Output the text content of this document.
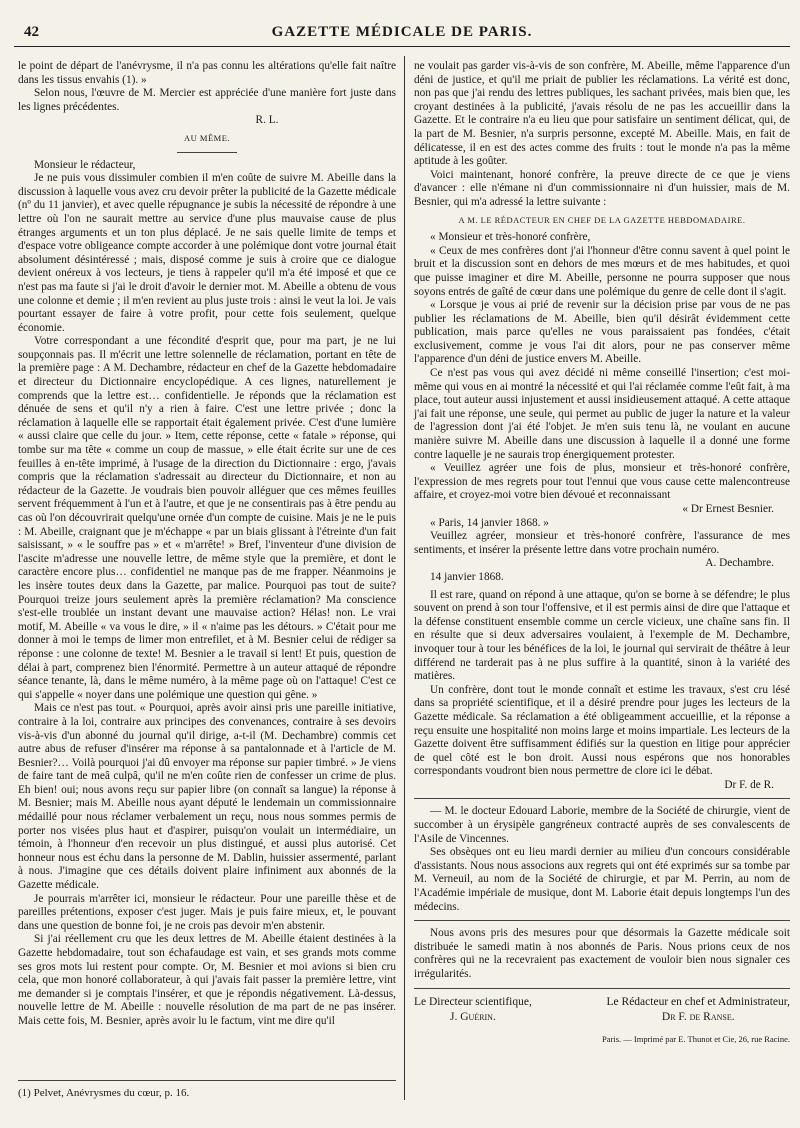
42	GAZETTE MÉDICALE DE PARIS.

le point de départ de l'anévrysme, il n'a pas connu les altérations qu'elle fait naître dans les tissus envahis (1). »

Selon nous, l'œuvre de M. Mercier est appréciée d'une manière fort juste dans les lignes précédentes.

R. L.

AU MÊME.

Monsieur le rédacteur,

Je ne puis vous dissimuler combien il m'en coûte de suivre M. Abeille dans la discussion à laquelle vous avez cru devoir prêter la publicité de la Gazette médicale (nº du 11 janvier), et avec quelle répugnance je subis la nécessité de répondre à une lettre où l'on ne saurait mettre au service d'une plus mauvaise cause de plus étranges arguments et un ton plus déplacé. Je ne sais quelle limite de temps et d'espace votre obligeance compte accorder à une polémique dont votre journal était absolument désintéressé ; mais, disposé comme je suis à croire que ce dialogue devient onéreux à vos lecteurs, je tiens à rappeler qu'il m'a été imposé et que ce n'est pas ma faute si j'ai le droit d'avoir le dernier mot. M. Abeille a obtenu de vous une colonne et demie ; il m'en revient au plus juste trois : ainsi le veut la loi. Je vais pourtant essayer de faire à votre profit, pour cette fois seulement, quelque économie.

Votre correspondant a une fécondité d'esprit que, pour ma part, je ne lui soupçonnais pas. Il m'écrit une lettre solennelle de réclamation, portant en tête de la première page : A M. Dechambre, rédacteur en chef de la Gazette hebdomadaire et directeur du Dictionnaire encyclopédique. A ces lignes, naturellement je comprends que la lettre est… confidentielle. Je réponds que la réclamation est dénuée de sens et qu'il n'y a rien à faire. C'est une lettre privée ; donc la réclamation à laquelle elle se rapportait était également privée. C'est d'une lumière « aussi claire que celle du jour. » Item, cette réponse, cette « fatale » réponse, qui tombe sur ma tête « comme un coup de massue, » elle était écrite sur une de ces feuilles à en-tête imprimé, à l'usage de la direction du Dictionnaire : ergo, j'avais compris que la réclamation s'adressait au directeur du Dictionnaire, et non au rédacteur de la Gazette. Je voudrais bien pouvoir alléguer que ces mêmes feuilles servent fréquemment à l'un et à l'autre, et que je ne consentirais pas à être pendu au cas où l'on découvrirait quelqu'une ornée d'un compte de cuisine. Mais je ne le puis : M. Abeille, craignant que je m'échappe « par un biais glissant à l'étreinte d'un fait saisissant, » « le souffre pas » et « m'arrête! » Bref, l'inventeur d'une division de l'ascite m'adresse une nouvelle lettre, de même style que la première, et dont le caractère encore plus… confidentiel ne manque pas de me frapper. Néanmoins je les insère toutes deux dans la Gazette, par malice. Pourquoi pas tout de suite? Pourquoi treize jours seulement après la première réclamation? Ma conscience s'est-elle troublée un instant devant une mauvaise action? Hélas! non. Le vrai motif, M. Abeille « va vous le dire, » il « n'aime pas les détours. » C'était pour me donner à moi le temps de limer mon entrefilet, et à M. Besnier celui de rédiger sa réponse : une colonne de texte! M. Besnier a le travail si lent! Et puis, question de délai à part, comprenez bien l'énormité. Permettre à un auteur attaqué de répondre séance tenante, là, dans le même numéro, à la même page où on l'attaque! C'est ce qui s'appelle « noyer dans une polémique une question qui gêne. »

Mais ce n'est pas tout. « Pourquoi, après avoir ainsi pris une pareille initiative, contraire à la loi, contraire aux principes des convenances, contraire à ses devoirs vis-à-vis d'un abonné du journal qu'il dirige, a-t-il (M. Dechambre) commis cet autre abus de refuser d'insérer ma réponse à sa pantalonnade et à l'article de M. Besnier?… Voilà pourquoi j'ai dû envoyer ma réponse sur papier timbré. » Je viens de faire tant de meâ culpâ, qu'il ne m'en coûte rien de confesser un crime de plus. Eh bien! oui; nous avons reçu sur papier libre (on connaît sa langue) la réponse à M. Besnier; mais M. Abeille nous ayant député le lendemain un commissionnaire médaillé pour nous réclamer verbalement un reçu, nous nous sommes permis de porter nos visées plus haut et d'aspirer, puisqu'on voulait un intermédiaire, un témoin, à l'honneur d'en recevoir un plus distingué, et aussi plus autorisé. Cet honneur nous est échu dans la personne de M. Dablin, huissier assermenté, parlant à nous. J'imagine que ces détails doivent plaire infiniment aux abonnés de la Gazette médicale.

Je pourrais m'arrêter ici, monsieur le rédacteur. Pour une pareille thèse et de pareilles prétentions, exposer c'est juger. Mais je puis faire mieux, et, le pouvant dans une question de bonne foi, je ne crois pas devoir m'en abstenir.

Si j'ai réellement cru que les deux lettres de M. Abeille étaient destinées à la Gazette hebdomadaire, tout son échafaudage est vain, et ses grands mots comme ses gros mots lui restent pour compte. Or, M. Besnier et moi avions si bien cru cela, que mon honoré collaborateur, à qui j'avais fait passer la première lettre, vint me demander si je comptais l'insérer, et que je répondis négativement. Là-dessus, nouvelle lettre de M. Abeille : nouvelle résolution de ma part de ne pas insérer. Mais cette fois, M. Besnier, après avoir lu le factum, vint me dire qu'il

(1) Pelvet, Anévrysmes du cœur, p. 16.

ne voulait pas garder vis-à-vis de son confrère, M. Abeille, même l'apparence d'un déni de justice, et qu'il me priait de publier les réclamations. La vérité est donc, non pas que j'ai rendu des lettres publiques, les sachant privées, mais bien que, les croyant destinées à la publicité, j'avais résolu de ne pas les accueillir dans la Gazette. Et le contraire n'a eu lieu que pour satisfaire un sentiment délicat, qui, de la part de M. Besnier, n'a surpris personne, excepté M. Abeille. Mais, en fait de délicatesse, il en est des actes comme des fruits : tout le monde n'a pas la même aptitude à les goûter.

Voici maintenant, honoré confrère, la preuve directe de ce que je viens d'avancer : elle n'émane ni d'un commissionnaire ni d'un huissier, mais de M. Besnier, qui m'a adressé la lettre suivante :

A M. LE RÉDACTEUR EN CHEF DE LA GAZETTE HEBDOMADAIRE.

« Monsieur et très-honoré confrère,

« Ceux de mes confrères dont j'ai l'honneur d'être connu savent à quel point le bruit et la discussion sont en dehors de mes mœurs et de mes habitudes, et quoi que puisse imaginer et dire M. Abeille, personne ne pourra supposer que nous soyons entrés de gaîté de cœur dans une polémique du genre de celle dont il s'agit.

« Lorsque je vous ai prié de revenir sur la décision prise par vous de ne pas publier les réclamations de M. Abeille, bien qu'il désirât évidemment cette publication, mais parce qu'elles ne vous paraissaient pas fondées, c'était exclusivement, comme je vous l'ai dit alors, pour ne pas conserver même l'apparence d'un déni de justice envers M. Abeille.

Ce n'est pas vous qui avez décidé ni même conseillé l'insertion; c'est moi-même qui vous en ai montré la nécessité et qui l'ai réclamée comme l'eût fait, à ma place, tout auteur aussi injustement et aussi insidieusement attaqué. A cette attaque j'ai fait une réponse, une seule, qui permet au public de juger la nature et la valeur de l'agression dont j'ai été l'objet. Je m'en suis tenu là, ne voulant en aucune manière suivre M. Abeille dans une discussion à laquelle il a donné une forme contre laquelle je ne saurais trop énergiquement protester.

« Veuillez agréer une fois de plus, monsieur et très-honoré confrère, l'expression de mes regrets pour tout l'ennui que vous cause cette malencontreuse affaire, et croyez-moi votre bien dévoué et reconnaissant

« Dr Ernest Besnier.

« Paris, 14 janvier 1868. »

Veuillez agréer, monsieur et très-honoré confrère, l'assurance de mes sentiments, et insérer la présente lettre dans votre prochain numéro.

A. Dechambre.

14 janvier 1868.

Il est rare, quand on répond à une attaque, qu'on se borne à se défendre; le plus souvent on prend à son tour l'offensive, et il est permis ainsi de dire que l'attaque et la défense constituent ensemble comme un cercle vicieux, une chaîne sans fin. Il en résulte que si deux adversaires voulaient, à l'exemple de M. Dechambre, invoquer tour à tour les bénéfices de la loi, le journal qui servirait de théâtre à leur différend ne tarderait pas à ne plus suffire à la quantité, sinon à la variété des matières.

Un confrère, dont tout le monde connaît et estime les travaux, s'est cru lésé dans sa propriété scientifique, et il a désiré prendre pour juges les lecteurs de la Gazette médicale. Sa réclamation a été obligeamment accueillie, et la réponse a reçu ensuite une hospitalité non moins large et moins impartiale. Les lecteurs de la Gazette doivent être suffisamment édifiés sur la question en litige pour apprécier de quel côté est le bon droit. Aussi nous espérons que nos honorables correspondants voudront bien nous permettre de clore ici le débat.

Dr F. de R.

— M. le docteur Edouard Laborie, membre de la Société de chirurgie, vient de succomber à un érysipèle gangréneux contracté auprès de ses convalescents de l'Asile de Vincennes.

Ses obsèques ont eu lieu mardi dernier au milieu d'un concours considérable d'assistants. Nous nous associons aux regrets qui ont été exprimés sur sa tombe par M. Verneuil, au nom de la Société de chirurgie, et par M. Perrin, au nom de l'Académie impériale de musique, dont M. Laborie était depuis longtemps l'un des médecins.

Nous avons pris des mesures pour que désormais la Gazette médicale soit distribuée le samedi matin à nos abonnés de Paris. Nous prions ceux de nos confrères qui ne la recevraient pas exactement de vouloir bien nous signaler ces irrégularités.

Le Directeur scientifique,
J. Guérin.
Le Rédacteur en chef et Administrateur,
Dr F. de Ranse.
Paris. — Imprimé par E. Thunot et Cie, 26, rue Racine.
